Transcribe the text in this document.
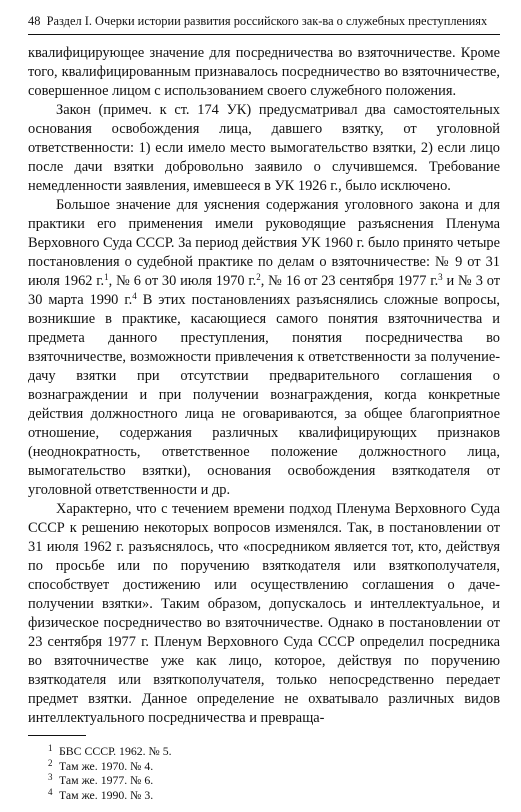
48 Раздел I. Очерки истории развития российского зак-ва о служебных преступлениях

квалифицирующее значение для посредничества во взяточничестве. Кроме того, квалифицированным признавалось посредничество во взяточничестве, совершенное лицом с использованием своего служебного положения.

Закон (примеч. к ст. 174 УК) предусматривал два самостоятельных основания освобождения лица, давшего взятку, от уголовной ответственности: 1) если имело место вымогательство взятки, 2) если лицо после дачи взятки добровольно заявило о случившемся. Требование немедленности заявления, имевшееся в УК 1926 г., было исключено.

Большое значение для уяснения содержания уголовного закона и для практики его применения имели руководящие разъяснения Пленума Верховного Суда СССР. За период действия УК 1960 г. было принято четыре постановления о судебной практике по делам о взяточничестве: № 9 от 31 июля 1962 г.$^1$, № 6 от 30 июля 1970 г.$^2$, № 16 от 23 сентября 1977 г.$^3$ и № 3 от 30 марта 1990 г.$^4$ В этих постановлениях разъяснялись сложные вопросы, возникшие в практике, касающиеся самого понятия взяточничества и предмета данного преступления, понятия посредничества во взяточничестве, возможности привлечения к ответственности за получение-дачу взятки при отсутствии предварительного соглашения о вознаграждении и при получении вознаграждения, когда конкретные действия должностного лица не оговариваются, за общее благоприятное отношение, содержания различных квалифицирующих признаков (неоднократность, ответственное положение должностного лица, вымогательство взятки), основания освобождения взяткодателя от уголовной ответственности и др.

Характерно, что с течением времени подход Пленума Верховного Суда СССР к решению некоторых вопросов изменялся. Так, в постановлении от 31 июля 1962 г. разъяснялось, что «посредником является тот, кто, действуя по просьбе или по поручению взяткодателя или взяткополучателя, способствует достижению или осуществлению соглашения о даче-получении взятки». Таким образом, допускалось и интеллектуальное, и физическое посредничество во взяточничестве. Однако в постановлении от 23 сентября 1977 г. Пленум Верховного Суда СССР определил посредника во взяточничестве уже как лицо, которое, действуя по поручению взяткодателя или взяткополучателя, только непосредственно передает предмет взятки. Данное определение не охватывало различных видов интеллектуального посредничества и превраща-

1 БВС СССР. 1962. № 5.
2 Там же. 1970. № 4.
3 Там же. 1977. № 6.
4 Там же. 1990. № 3.
